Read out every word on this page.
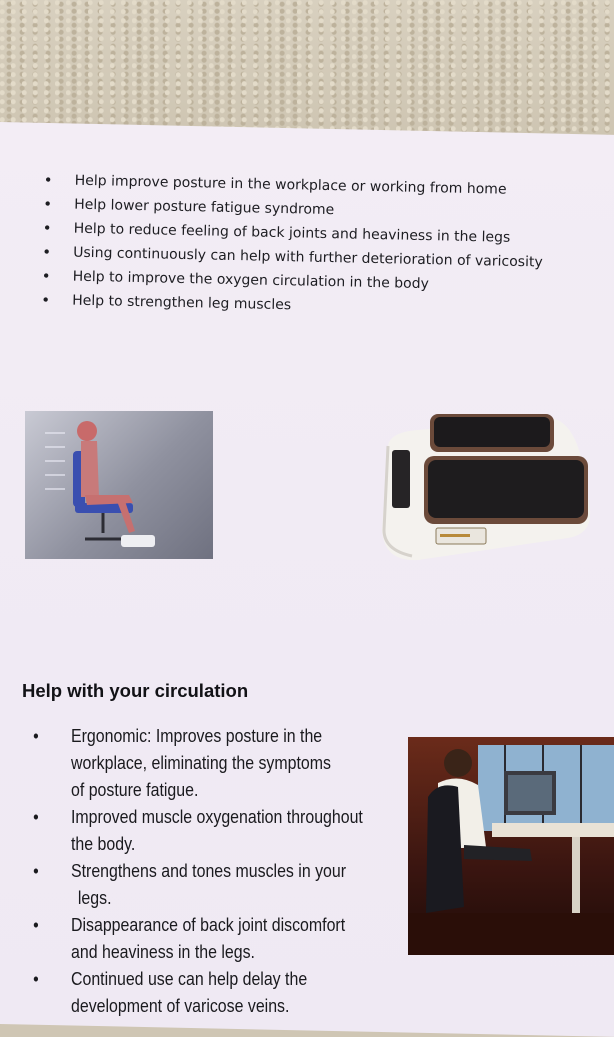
• Help improve posture in the workplace or working from home
• Help lower posture fatigue syndrome
• Help to reduce feeling of back joints and heaviness in the legs
• Using continuously can help with further deterioration of varicosity
• Help to improve the oxygen circulation in the body
• Help to strengthen leg muscles
Help with your circulation
• Ergonomic: Improves posture in the
workplace, eliminating the symptoms
of posture fatigue.
• Improved muscle oxygenation throughout
the body.
• Strengthens and tones muscles in your
legs.
• Disappearance of back joint discomfort
and heaviness in the legs.
• Continued use can help delay the
development of varicose veins.
